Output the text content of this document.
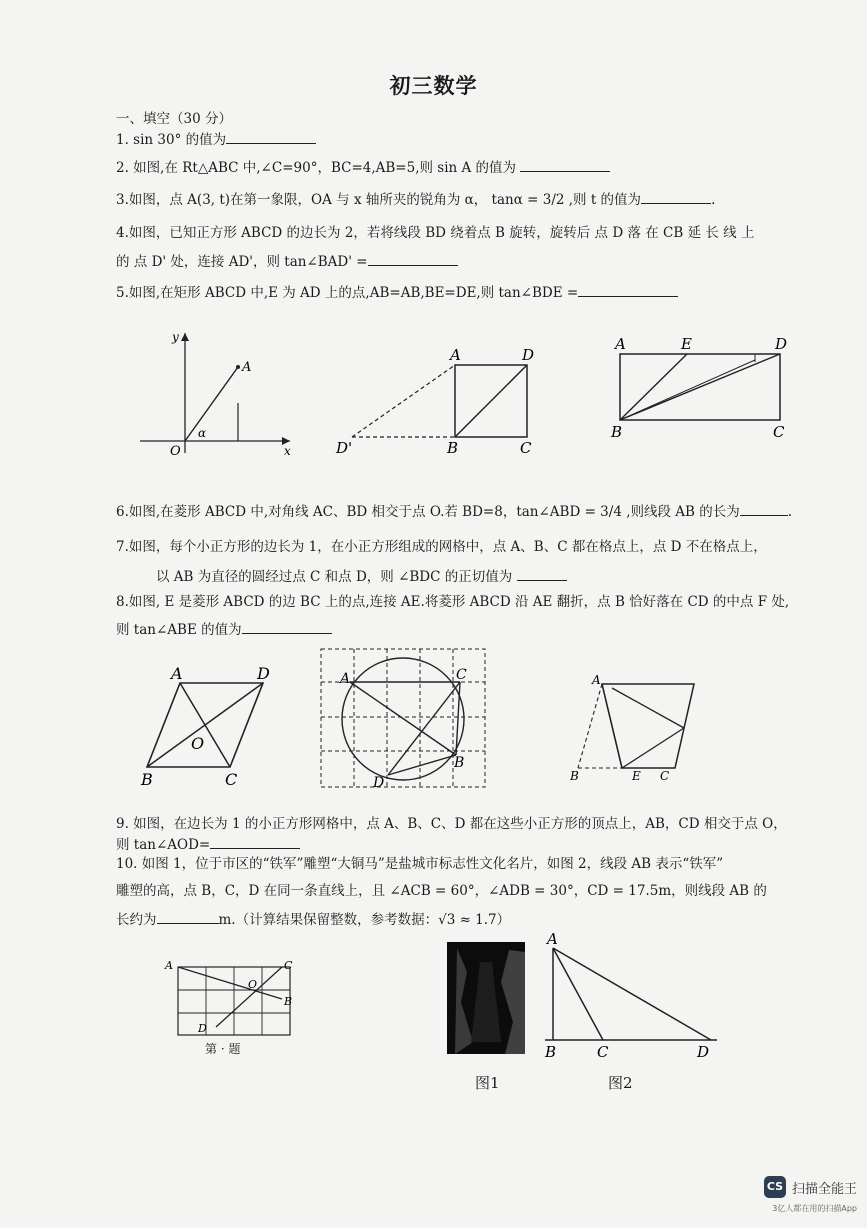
初三数学
一、填空（30 分）
1. sin 30° 的值为
2. 如图,在 Rt△ABC 中,∠C=90°，BC=4,AB=5,则 sin A 的值为
3.如图，点 A(3, t)在第一象限，OA 与 x 轴所夹的锐角为 α， tanα = 3/2 ,则 t 的值为	.
4.如图，已知正方形 ABCD 的边长为 2，若将线段 BD 绕着点 B 旋转，旋转后 点 D 落 在 CB 延 长 线 上
的 点 D' 处，连接 AD'，则 tan∠BAD' =
5.如图,在矩形 ABCD 中,E 为 AD 上的点,AB=AB,BE=DE,则 tan∠BDE =
A
y
x
O
α
A	D
B	C
D'
A	E	D
B	C
6.如图,在菱形 ABCD 中,对角线 AC、BD 相交于点 O.若 BD=8，tan∠ABD = 3/4 ,则线段 AB 的长为	.
7.如图，每个小正方形的边长为 1，在小正方形组成的网格中，点 A、B、C 都在格点上，点 D 不在格点上，
以 AB 为直径的圆经过点 C 和点 D，则 ∠BDC 的正切值为
8.如图, E 是菱形 ABCD 的边 BC 上的点,连接 AE.将菱形 ABCD 沿 AE 翻折，点 B 恰好落在 CD 的中点 F 处,
则 tan∠ABE 的值为
A	D
B	C
O
A	C
B
D
A
B	E C
9. 如图，在边长为 1 的小正方形网格中，点 A、B、C、D 都在这些小正方形的顶点上，AB，CD 相交于点 O，
则 tan∠AOD=
10. 如图 1，位于市区的“铁军”雕塑“大铜马”是盐城市标志性文化名片，如图 2，线段 AB 表示“铁军”
雕塑的高，点 B，C，D 在同一条直线上，且 ∠ACB = 60°，∠ADB = 30°，CD = 17.5m，则线段 AB 的
长约为	m.（计算结果保留整数，参考数据：√3 ≈ 1.7）
A	C
B
O
D
第 · 题
图1
A
B	C	D
图2
CS 扫描全能王
3亿人都在用的扫描App
